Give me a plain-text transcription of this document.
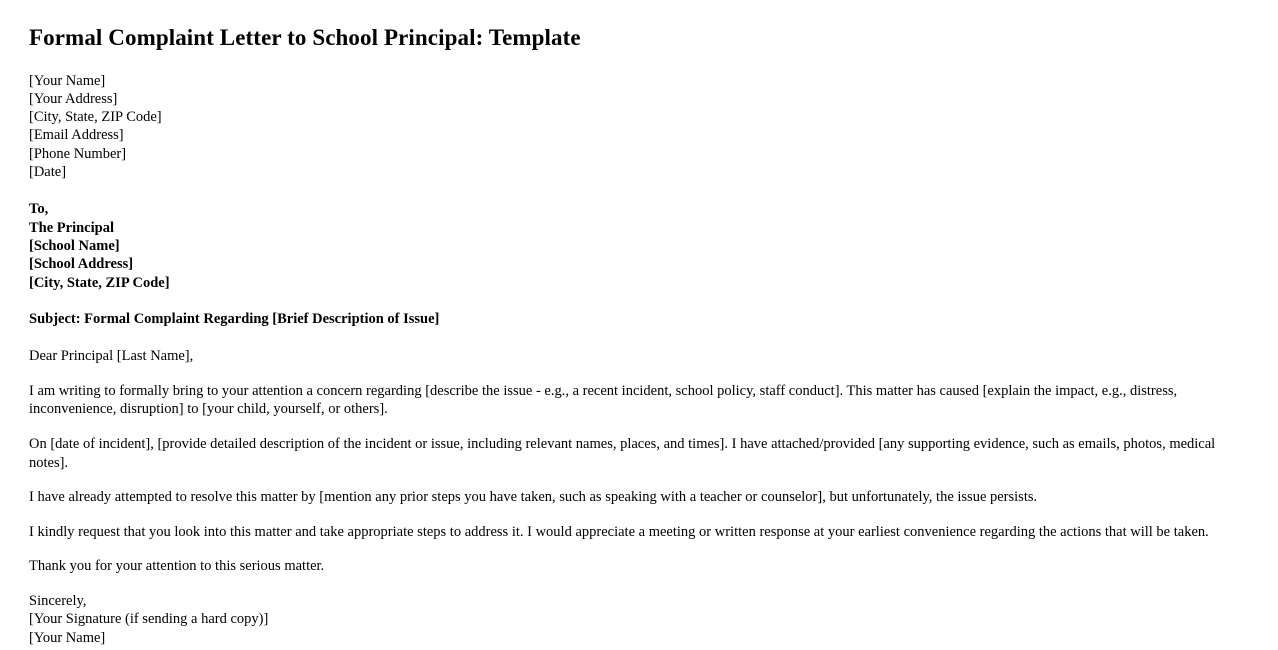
Formal Complaint Letter to School Principal: Template
[Your Name]
[Your Address]
[City, State, ZIP Code]
[Email Address]
[Phone Number]
[Date]
To,
The Principal
[School Name]
[School Address]
[City, State, ZIP Code]
Subject: Formal Complaint Regarding [Brief Description of Issue]
Dear Principal [Last Name],

I am writing to formally bring to your attention a concern regarding [describe the issue - e.g., a recent incident, school policy, staff conduct]. This matter has caused [explain the impact, e.g., distress, inconvenience, disruption] to [your child, yourself, or others].

On [date of incident], [provide detailed description of the incident or issue, including relevant names, places, and times]. I have attached/provided [any supporting evidence, such as emails, photos, medical notes].

I have already attempted to resolve this matter by [mention any prior steps you have taken, such as speaking with a teacher or counselor], but unfortunately, the issue persists.

I kindly request that you look into this matter and take appropriate steps to address it. I would appreciate a meeting or written response at your earliest convenience regarding the actions that will be taken.

Thank you for your attention to this serious matter.

Sincerely,
[Your Signature (if sending a hard copy)]
[Your Name]
